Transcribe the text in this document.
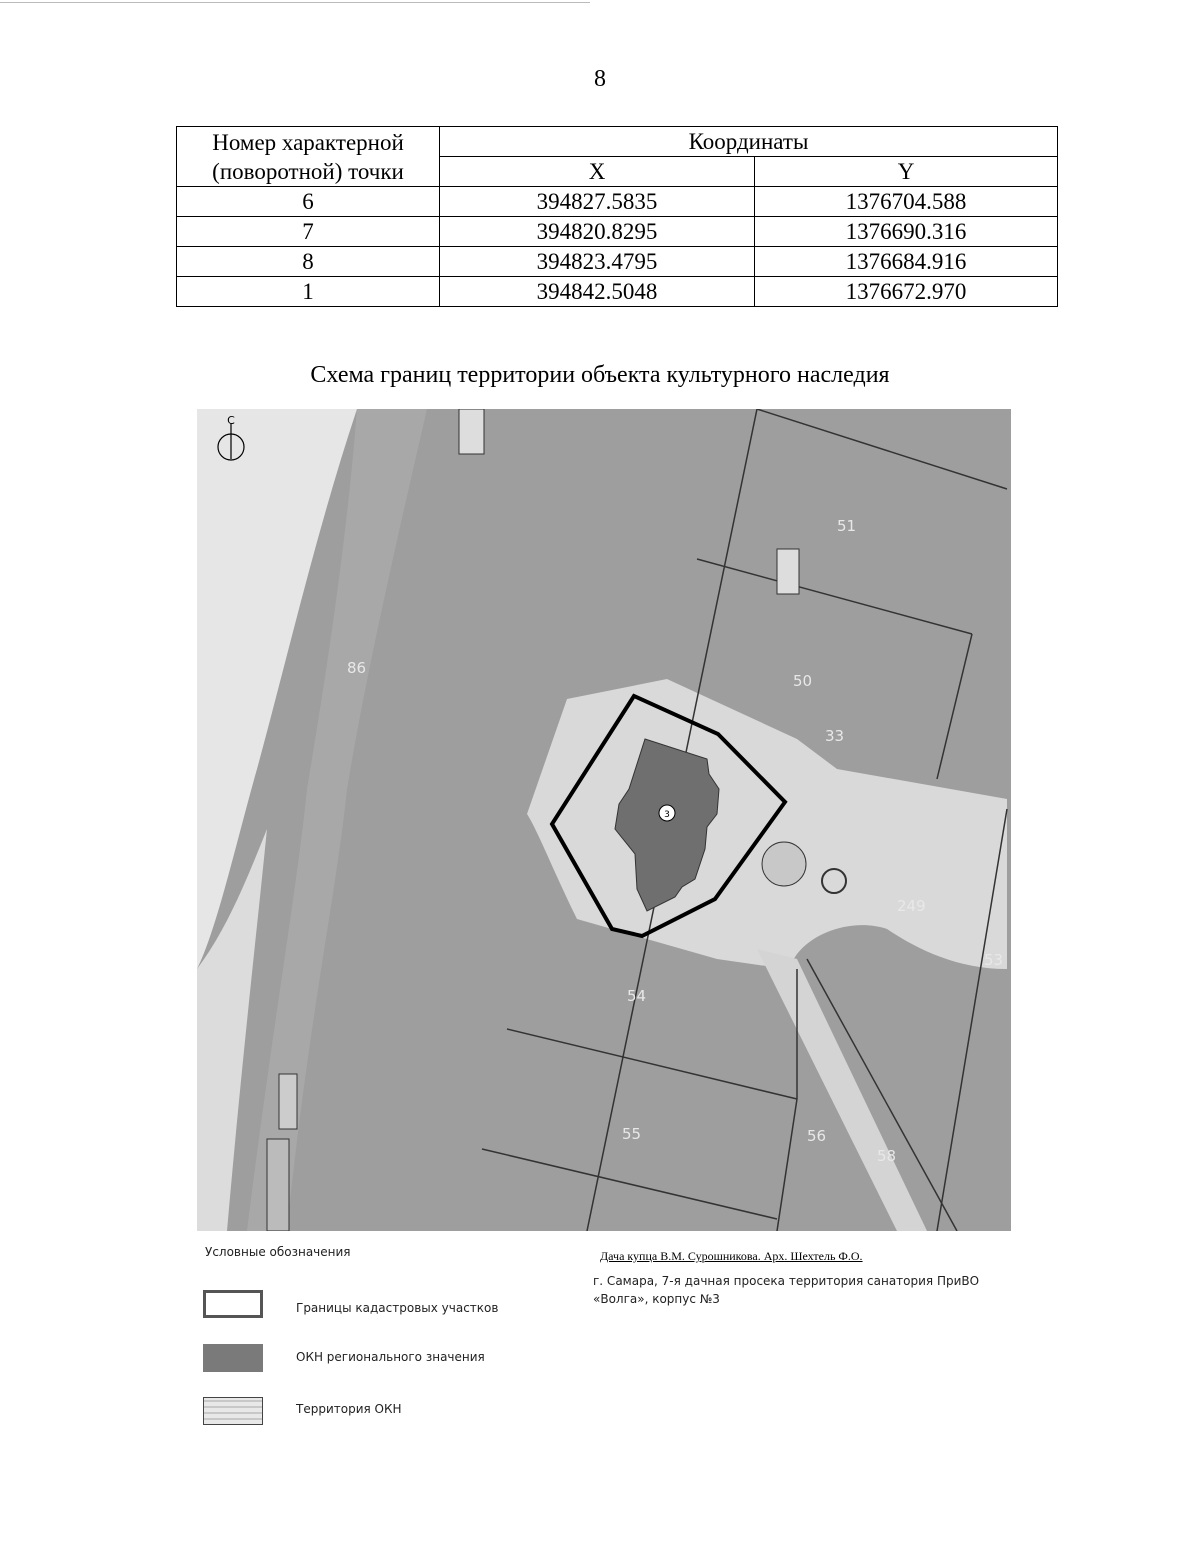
8
Номер характерной (поворотной) точки	Координаты	
	X	Y
6	394827.5835	1376704.588
7	394820.8295	1376690.316
8	394823.4795	1376684.916
1	394842.5048	1376672.970
Схема границ территории объекта культурного наследия
3
С
51
50
54
55	56
58
53
249
33
86
Условные обозначения
Границы кадастровых участков
ОКН регионального значения
Территория ОКН
Дача купца В.М. Сурошникова. Арх. Шехтель Ф.О.
г. Самара, 7-я дачная просека территория санатория ПриВО «Волга», корпус №3
